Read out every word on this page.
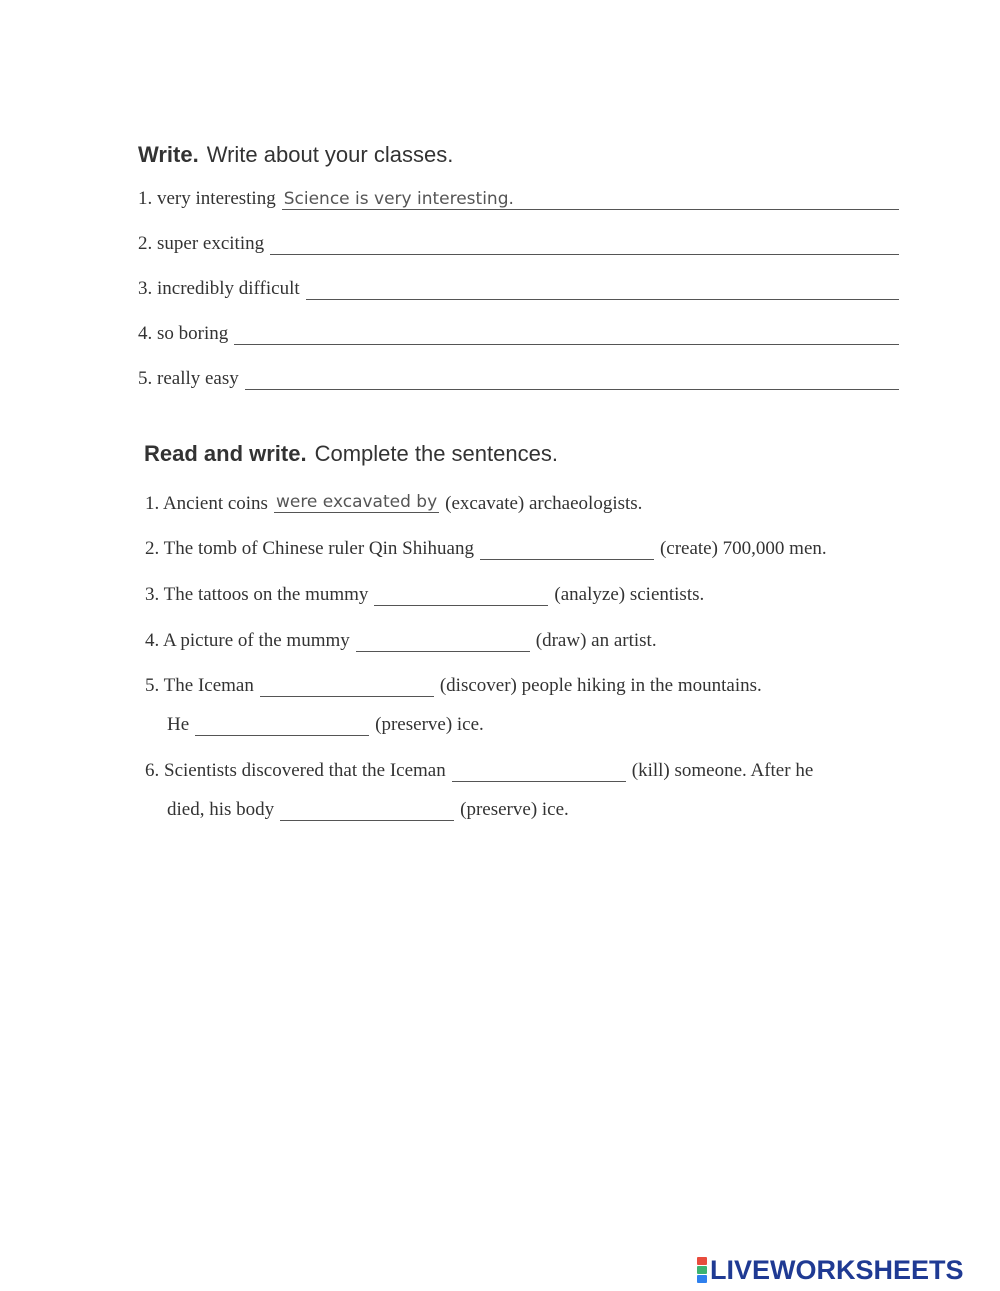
Write. Write about your classes.
1. very interesting Science is very interesting.
2. super exciting
3. incredibly difficult
4. so boring
5. really easy
Read and write. Complete the sentences.
1. Ancient coins were excavated by (excavate) archaeologists.
2. The tomb of Chinese ruler Qin Shihuang	(create) 700,000 men.
3. The tattoos on the mummy	(analyze) scientists.
4. A picture of the mummy	(draw) an artist.
5. The Iceman	(discover) people hiking in the mountains.
He	(preserve) ice.
6. Scientists discovered that the Iceman	(kill) someone. After he
died, his body	(preserve) ice.
LIVEWORKSHEETS
